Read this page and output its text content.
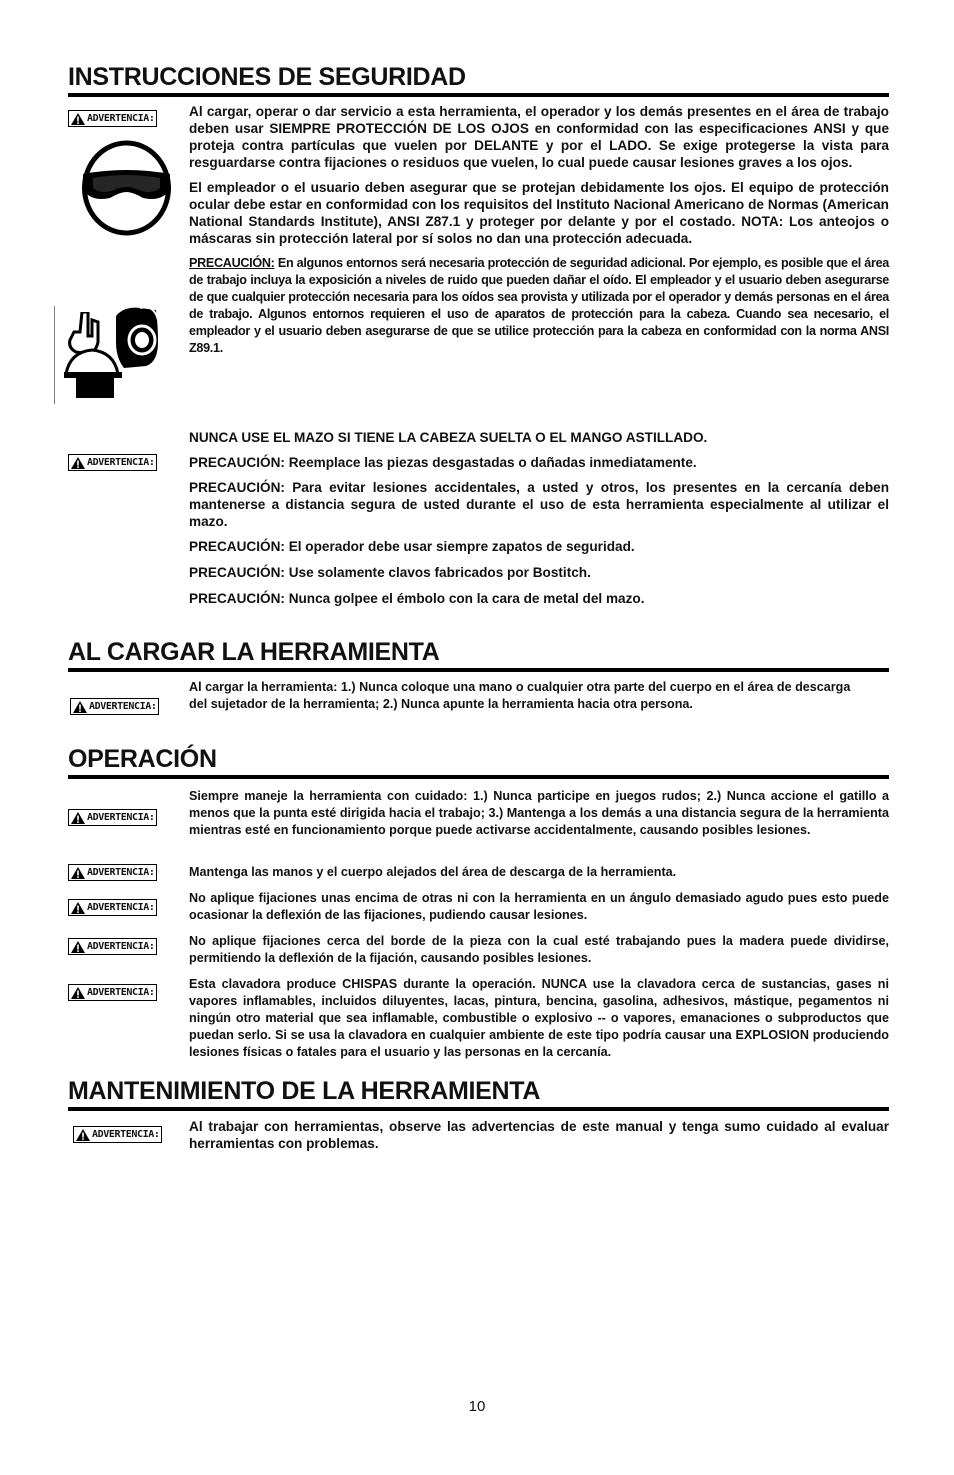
INSTRUCCIONES DE SEGURIDAD
ADVERTENCIA:	Al cargar, operar o dar servicio a esta herramienta, el operador y los demás presentes en el área de trabajo deben usar SIEMPRE PROTECCIÓN DE LOS OJOS en conformidad con las especificaciones ANSI y que proteja contra partículas que vuelen por DELANTE y por el LADO. Se exige protegerse la vista para resguardarse contra fijaciones o residuos que vuelen, lo cual puede causar lesiones graves a los ojos.

El empleador o el usuario deben asegurar que se protejan debidamente los ojos. El equipo de protección ocular debe estar en conformidad con los requisitos del Instituto Nacional Americano de Normas (American National Standards Institute), ANSI Z87.1 y proteger por delante y por el costado. NOTA: Los anteojos o máscaras sin protección lateral por sí solos no dan una protección adecuada.

PRECAUCIÓN: En algunos entornos será necesaria protección de seguridad adicional. Por ejemplo, es posible que el área de trabajo incluya la exposición a niveles de ruido que pueden dañar el oído. El empleador y el usuario deben asegurarse de que cualquier protección necesaria para los oídos sea provista y utilizada por el operador y demás personas en el área de trabajo. Algunos entornos requieren el uso de aparatos de protección para la cabeza. Cuando sea necesario, el empleador y el usuario deben asegurarse de que se utilice protección para la cabeza en conformidad con la norma ANSI Z89.1.

ADVERTENCIA:

NUNCA USE EL MAZO SI TIENE LA CABEZA SUELTA O EL MANGO ASTILLADO.

PRECAUCIÓN: Reemplace las piezas desgastadas o dañadas inmediatamente.

PRECAUCIÓN: Para evitar lesiones accidentales, a usted y otros, los presentes en la cercanía deben mantenerse a distancia segura de usted durante el uso de esta herramienta especialmente al utilizar el mazo.

PRECAUCIÓN: El operador debe usar siempre zapatos de seguridad.

PRECAUCIÓN: Use solamente clavos fabricados por Bostitch.

PRECAUCIÓN: Nunca golpee el émbolo con la cara de metal del mazo.

AL CARGAR LA HERRAMIENTA
ADVERTENCIA:

Al cargar la herramienta: 1.) Nunca coloque una mano o cualquier otra parte del cuerpo en el área de descarga del sujetador de la herramienta; 2.) Nunca apunte la herramienta hacia otra persona.

OPERACIÓN
ADVERTENCIA:

Siempre maneje la herramienta con cuidado: 1.) Nunca participe en juegos rudos; 2.) Nunca accione el gatillo a menos que la punta esté dirigida hacia el trabajo; 3.) Mantenga a los demás a una distancia segura de la herramienta mientras esté en funcionamiento porque puede activarse accidentalmente, causando posibles lesiones.

ADVERTENCIA:	Mantenga las manos y el cuerpo alejados del área de descarga de la herramienta.

ADVERTENCIA:

No aplique fijaciones unas encima de otras ni con la herramienta en un ángulo demasiado agudo pues esto puede ocasionar la deflexión de las fijaciones, pudiendo causar lesiones.

ADVERTENCIA:	No aplique fijaciones cerca del borde de la pieza con la cual esté trabajando pues la madera puede dividirse, permitiendo la deflexión de la fijación, causando posibles lesiones.

ADVERTENCIA:

Esta clavadora produce CHISPAS durante la operación. NUNCA use la clavadora cerca de sustancias, gases ni vapores inflamables, incluidos diluyentes, lacas, pintura, bencina, gasolina, adhesivos, mástique, pegamentos ni ningún otro material que sea inflamable, combustible o explosivo -- o vapores, emanaciones o subproductos que puedan serlo. Si se usa la clavadora en cualquier ambiente de este tipo podría causar una EXPLOSION produciendo lesiones físicas o fatales para el usuario y las personas en la cercanía.

MANTENIMIENTO DE LA HERRAMIENTA
ADVERTENCIA:

Al trabajar con herramientas, observe las advertencias de este manual y tenga sumo cuidado al evaluar herramientas con problemas.

10
